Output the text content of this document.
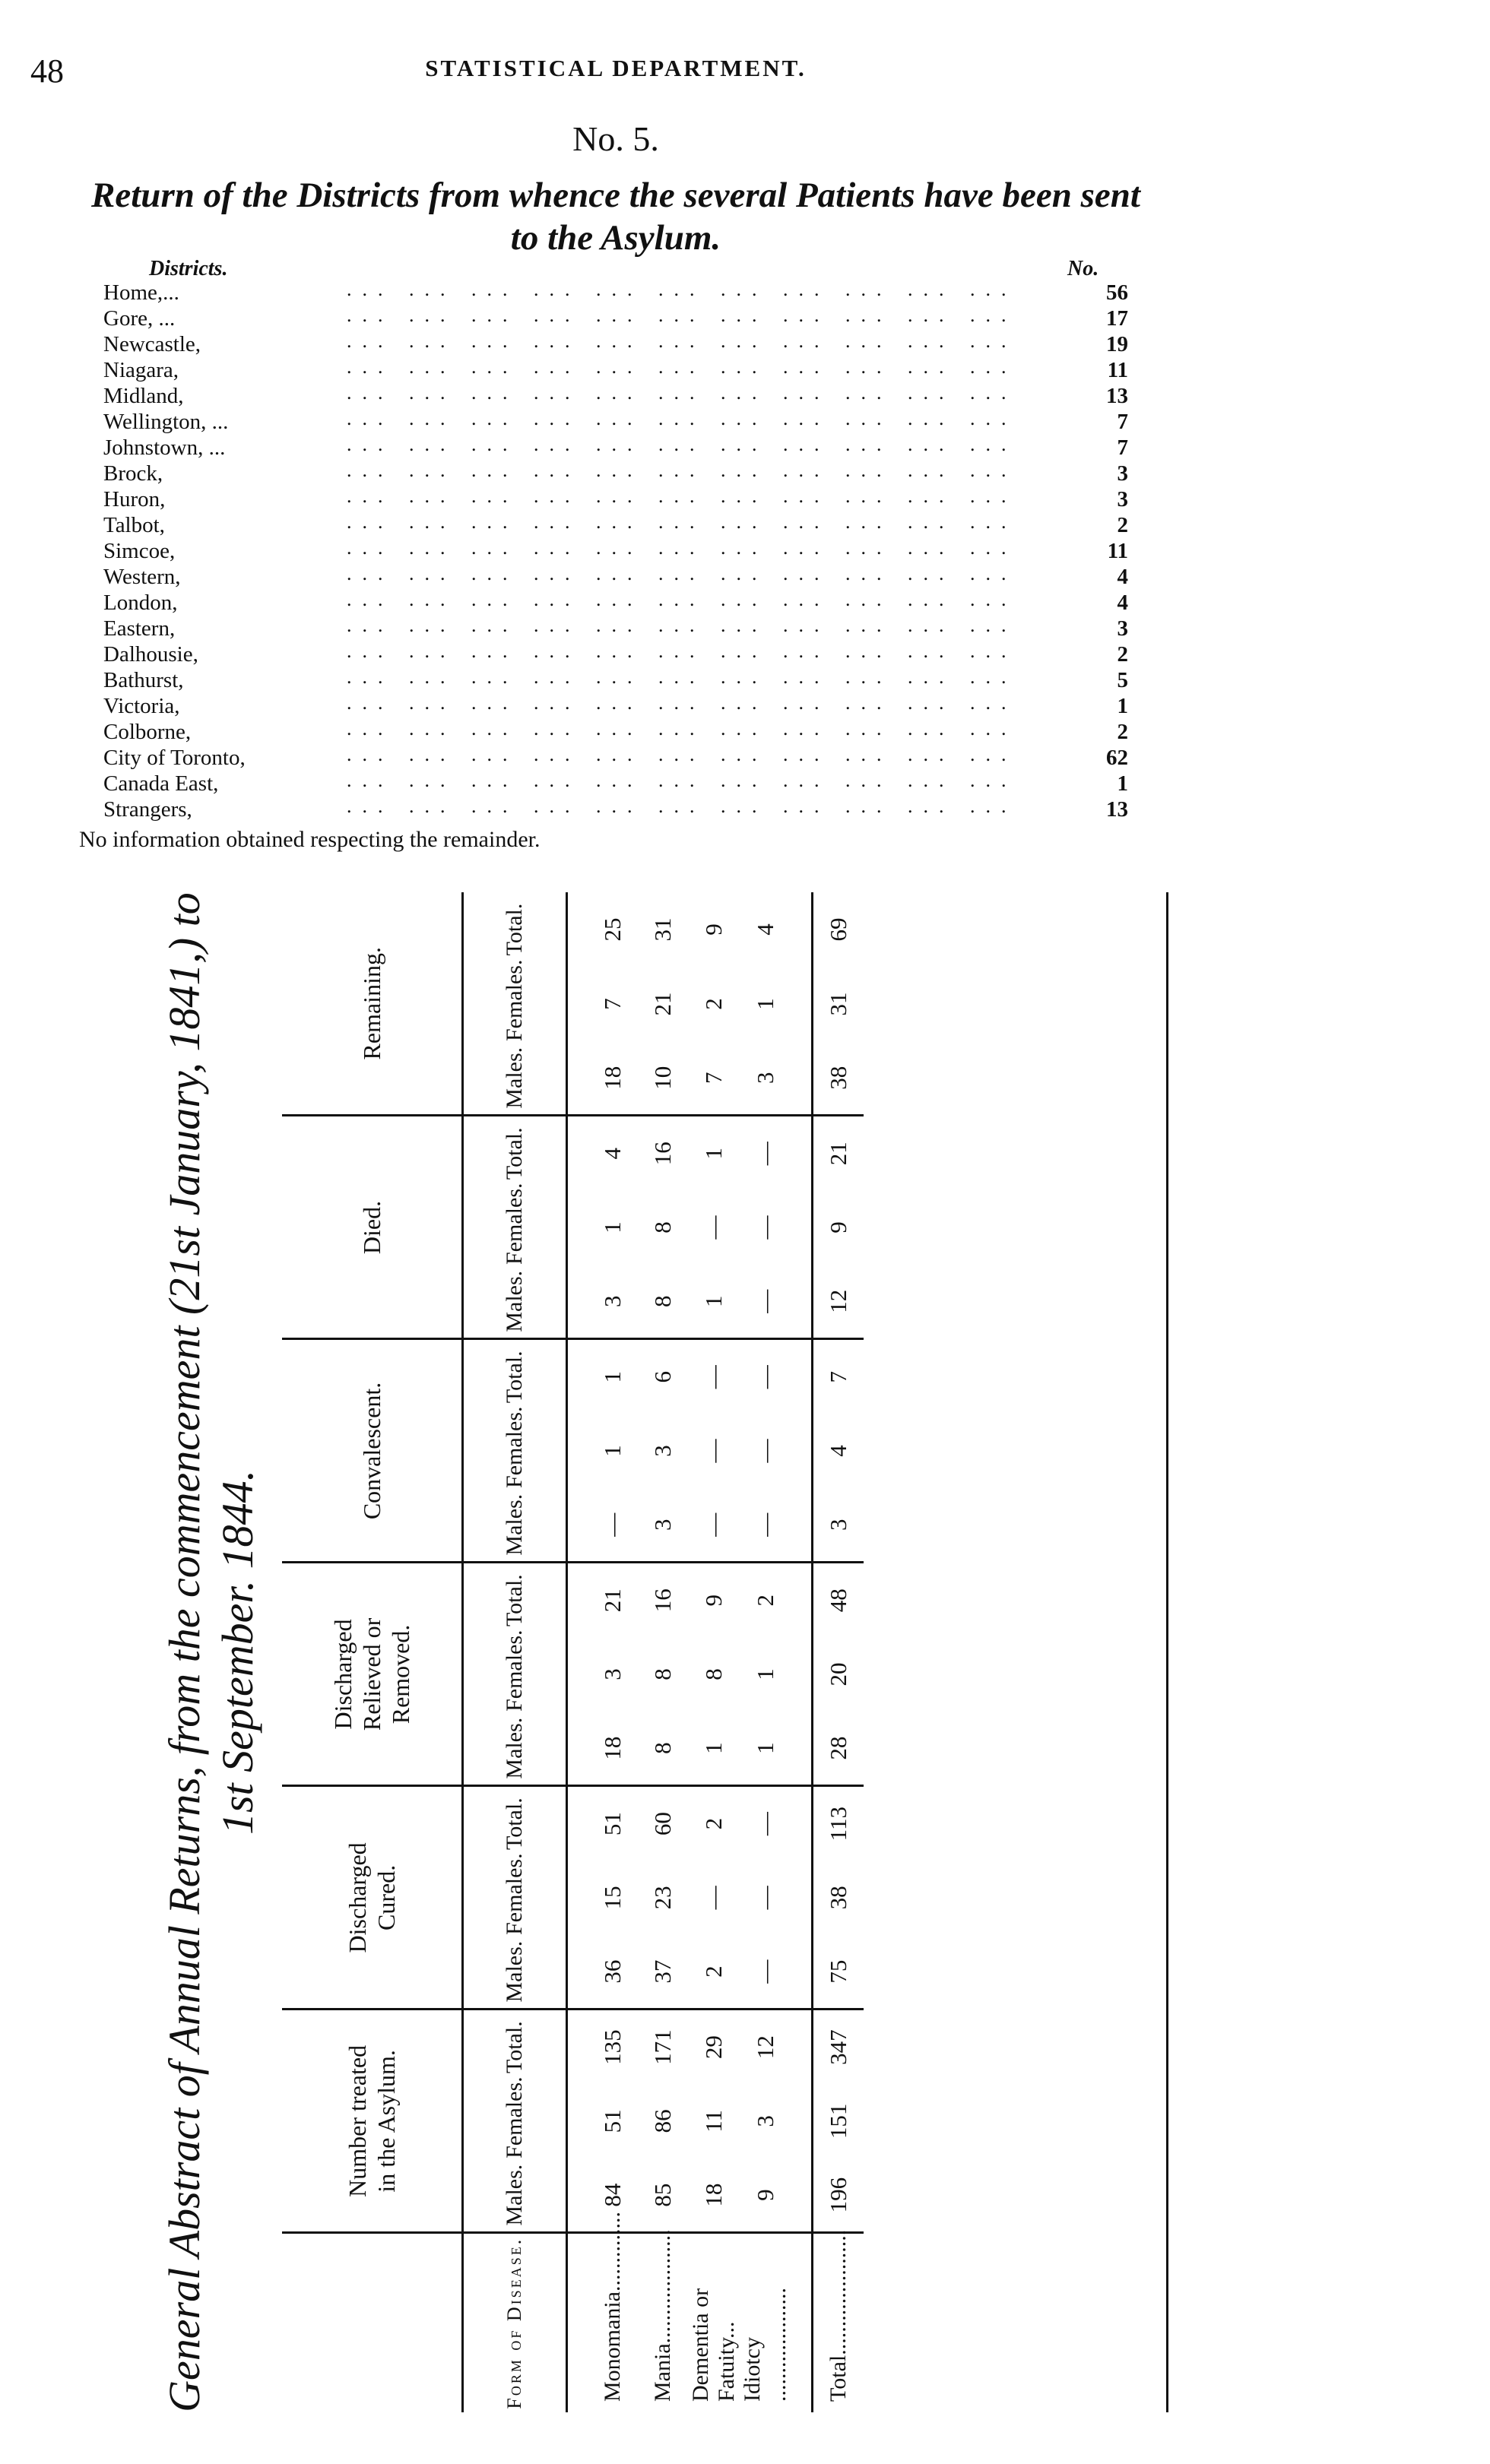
48	STATISTICAL DEPARTMENT.
No. 5.
Return of the Districts from whence the several Patients have been sent
to the Asylum.
Districts.	No.
Home,...	... ... ... ... ... ... ... ... ... ... ...	56
Gore, ...	... ... ... ... ... ... ... ... ... ... ...	17
Newcastle,	... ... ... ... ... ... ... ... ... ... ...	19
Niagara,	... ... ... ... ... ... ... ... ... ... ...	11
Midland,	... ... ... ... ... ... ... ... ... ... ...	13
Wellington, ...	... ... ... ... ... ... ... ... ... ... ...	7
Johnstown, ...	... ... ... ... ... ... ... ... ... ... ...	7
Brock,	... ... ... ... ... ... ... ... ... ... ...	3
Huron,	... ... ... ... ... ... ... ... ... ... ...	3
Talbot,	... ... ... ... ... ... ... ... ... ... ...	2
Simcoe,	... ... ... ... ... ... ... ... ... ... ...	11
Western,	... ... ... ... ... ... ... ... ... ... ...	4
London,	... ... ... ... ... ... ... ... ... ... ...	4
Eastern,	... ... ... ... ... ... ... ... ... ... ...	3
Dalhousie,	... ... ... ... ... ... ... ... ... ... ...	2
Bathurst,	... ... ... ... ... ... ... ... ... ... ...	5
Victoria,	... ... ... ... ... ... ... ... ... ... ...	1
Colborne,	... ... ... ... ... ... ... ... ... ... ...	2
City of Toronto,	... ... ... ... ... ... ... ... ... ... ...	62
Canada East,	... ... ... ... ... ... ... ... ... ... ...	1
Strangers,	... ... ... ... ... ... ... ... ... ... ...	13
No information obtained respecting the remainder.
General Abstract of Annual Returns, from the commencement (21st January, 1841,) to 1st September. 1844.
	Number treated in the Asylum.			Discharged Cured.			Discharged Relieved or Removed.			Convalescent.			Died.			Remaining.		
Form of Disease.	Males.	Females.	Total.	Males.	Females.	Total.	Males.	Females.	Total.	Males.	Females.	Total.	Males.	Females.	Total.	Males.	Females.	Total.

Monomania..............	84	51	135	36	15	51	18	3	21	—	1	1	3	1	4	18	7	25
Mania....................	85	86	171	37	23	60	8	8	16	3	3	6	8	8	16	10	21	31
Dementia or Fatuity...	18	11	29	2	—	2	1	8	9	—	—	—	1	—	1	7	2	9
Idiotcy ....................	9	3	12	—	—	—	1	1	2	—	—	—	—	—	—	3	1	4

Total......................	196	151	347	75	38	113	28	20	48	3	4	7	12	9	21	38	31	69
